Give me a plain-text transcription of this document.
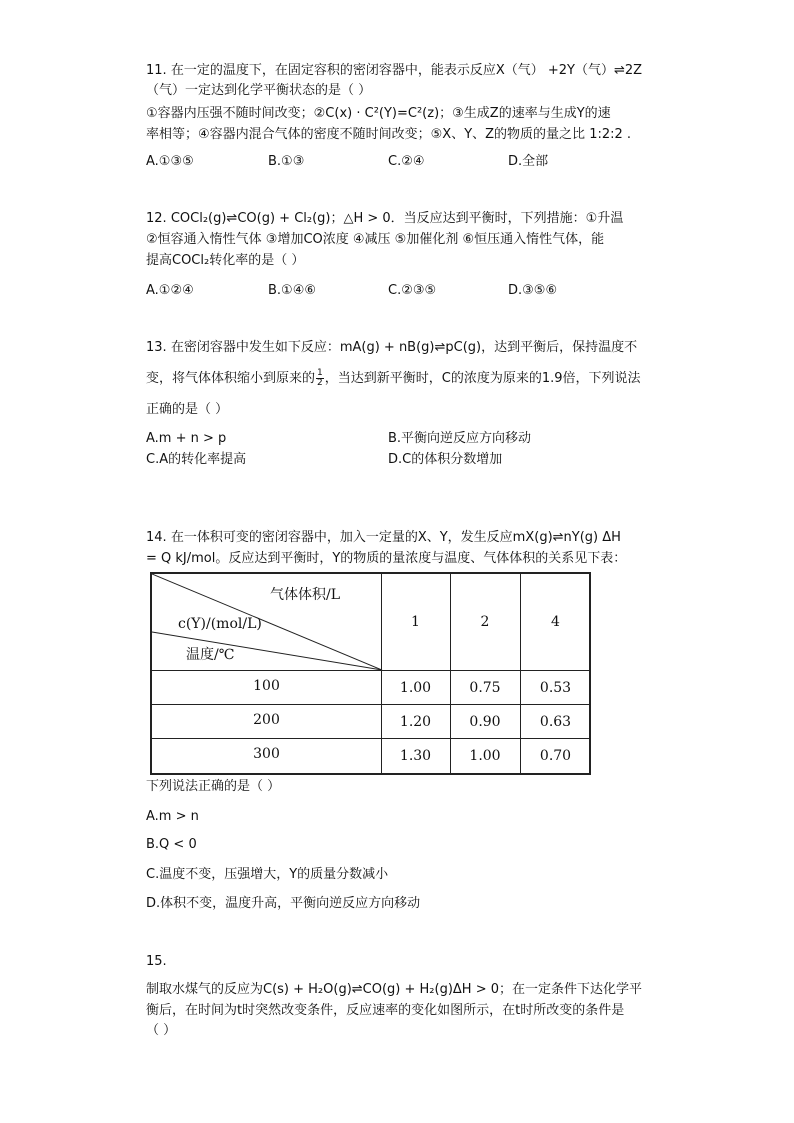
11. 在一定的温度下，在固定容积的密闭容器中，能表示反应X（气） +2Y（气）⇌2Z
（气）一定达到化学平衡状态的是（ ）
①容器内压强不随时间改变；②C(x) · C²(Y)=C²(z)；③生成Z的速率与生成Y的速
率相等；④容器内混合气体的密度不随时间改变；⑤X、Y、Z的物质的量之比 1:2:2 .
A.①③⑤	B.①③	C.②④	D.全部
12. COCl₂(g)⇌CO(g) + Cl₂(g)；△H > 0．当反应达到平衡时，下列措施：①升温
②恒容通入惰性气体 ③增加CO浓度 ④减压 ⑤加催化剂 ⑥恒压通入惰性气体，能
提高COCl₂转化率的是（ ）
A.①②④	B.①④⑥	C.②③⑤	D.③⑤⑥
13. 在密闭容器中发生如下反应：mA(g) + nB(g)⇌pC(g)，达到平衡后，保持温度不
变，将气体体积缩小到原来的 $\frac{1}{2}$ ，当达到新平衡时，C的浓度为原来的1.9倍，下列说法
正确的是（ ）
A.m + n > p	B.平衡向逆反应方向移动
C.A的转化率提高	D.C的体积分数增加
14. 在一体积可变的密闭容器中，加入一定量的X、Y，发生反应mX(g)⇌nY(g) ΔH
= Q kJ/mol。反应达到平衡时，Y的物质的量浓度与温度、气体体积的关系见下表：
气体体积/L
c(Y)/(mol/L)
温度/℃
1	2	4
100	1.00	0.75	0.53
200	1.20	0.90	0.63
300	1.30	1.00	0.70
下列说法正确的是（ ）
A.m > n
B.Q < 0
C.温度不变，压强增大，Y的质量分数减小
D.体积不变，温度升高，平衡向逆反应方向移动
15.
制取水煤气的反应为C(s) + H₂O(g)⇌CO(g) + H₂(g)ΔH > 0；在一定条件下达化学平
衡后，在时间为t时突然改变条件，反应速率的变化如图所示，在t时所改变的条件是
（ ）
